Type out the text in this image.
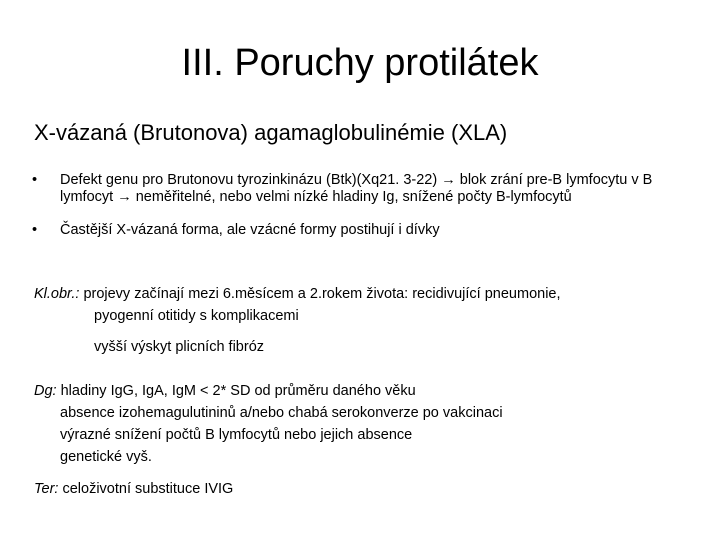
III. Poruchy protilátek
X-vázaná (Brutonova) agamaglobulinémie (XLA)
• Defekt genu pro Brutonovu tyrozinkinázu (Btk)(Xq21. 3-22) → blok zrání pre-B lymfocytu v B lymfocyt → neměřitelné, nebo velmi nízké hladiny Ig, snížené počty B-lymfocytů
• Častější X-vázaná forma, ale vzácné formy postihují i dívky
Kl.obr.: projevy začínají mezi 6.měsícem a 2.rokem života: recidivující pneumonie,
pyogenní otitidy s komplikacemi
vyšší výskyt plicních fibróz
Dg: hladiny IgG, IgA, IgM < 2* SD od průměru daného věku
absence izohemagulutininů a/nebo chabá serokonverze po vakcinaci
výrazné snížení počtů B lymfocytů nebo jejich absence
genetické vyš.
Ter: celoživotní substituce IVIG
